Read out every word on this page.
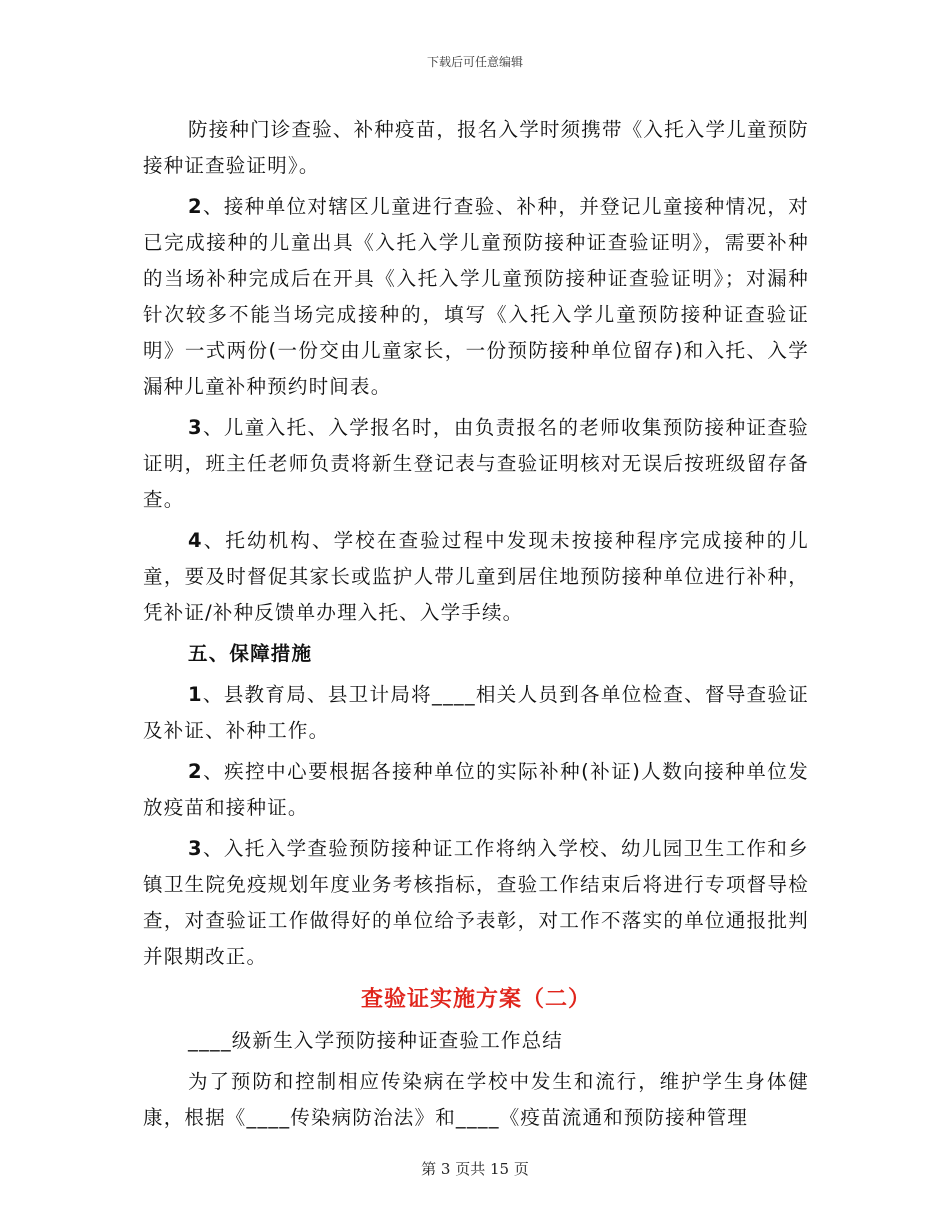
下载后可任意编辑

防接种门诊查验、补种疫苗，报名入学时须携带《入托入学儿童预防接种证查验证明》。

2、接种单位对辖区儿童进行查验、补种，并登记儿童接种情况，对已完成接种的儿童出具《入托入学儿童预防接种证查验证明》，需要补种的当场补种完成后在开具《入托入学儿童预防接种证查验证明》；对漏种针次较多不能当场完成接种的，填写《入托入学儿童预防接种证查验证明》一式两份(一份交由儿童家长，一份预防接种单位留存)和入托、入学漏种儿童补种预约时间表。

3、儿童入托、入学报名时，由负责报名的老师收集预防接种证查验证明，班主任老师负责将新生登记表与查验证明核对无误后按班级留存备查。

4、托幼机构、学校在查验过程中发现未按接种程序完成接种的儿童，要及时督促其家长或监护人带儿童到居住地预防接种单位进行补种，凭补证/补种反馈单办理入托、入学手续。

五、保障措施

1、县教育局、县卫计局将____相关人员到各单位检查、督导查验证及补证、补种工作。

2、疾控中心要根据各接种单位的实际补种(补证)人数向接种单位发放疫苗和接种证。

3、入托入学查验预防接种证工作将纳入学校、幼儿园卫生工作和乡镇卫生院免疫规划年度业务考核指标，查验工作结束后将进行专项督导检查，对查验证工作做得好的单位给予表彰，对工作不落实的单位通报批判并限期改正。

查验证实施方案（二）

____级新生入学预防接种证查验工作总结

为了预防和控制相应传染病在学校中发生和流行，维护学生身体健康，根据《____传染病防治法》和____《疫苗流通和预防接种管理

第 3 页共 15 页
